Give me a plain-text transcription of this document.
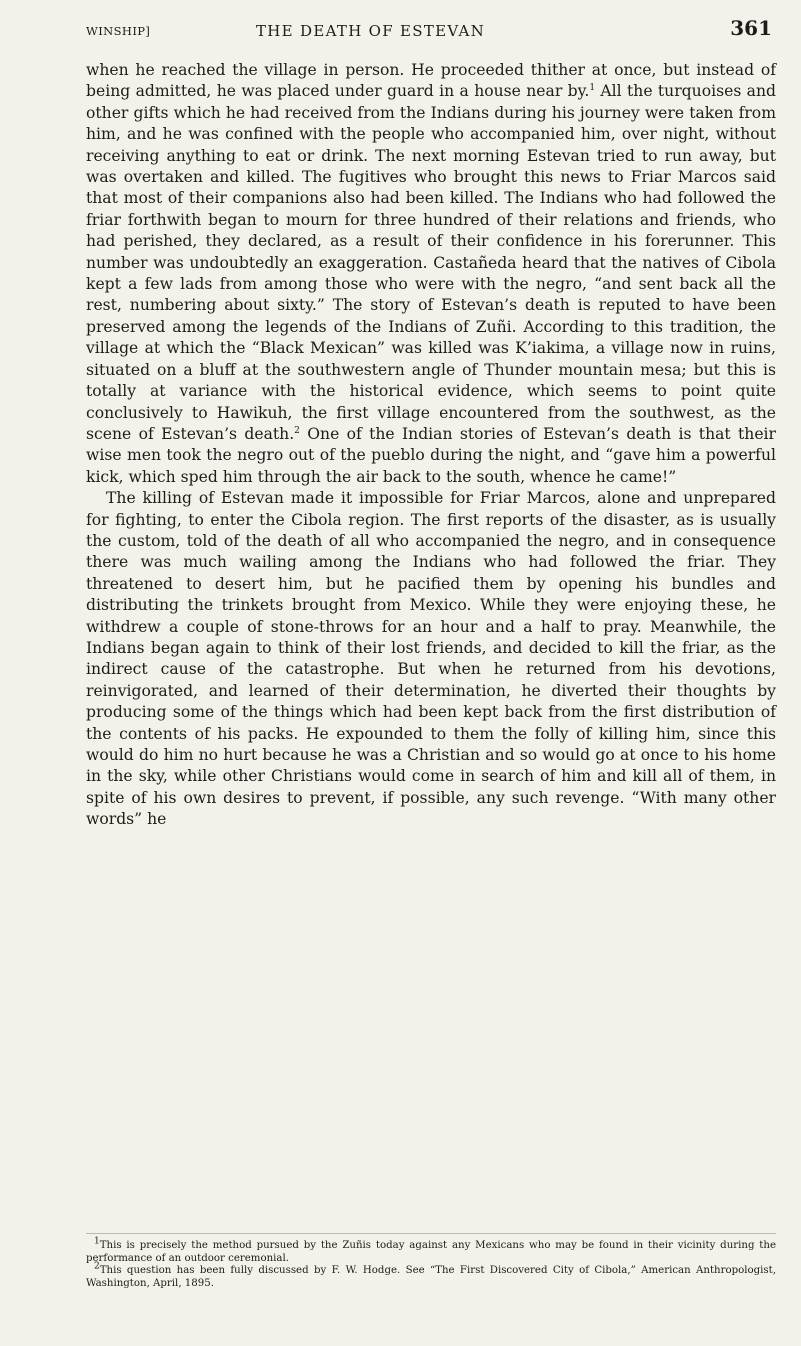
WINSHIP]	THE DEATH OF ESTEVAN	361

when he reached the village in person. He proceeded thither at once, but instead of being admitted, he was placed under guard in a house near by.$^1$ All the turquoises and other gifts which he had received from the Indians during his journey were taken from him, and he was confined with the people who accompanied him, over night, without receiving anything to eat or drink. The next morning Estevan tried to run away, but was overtaken and killed. The fugitives who brought this news to Friar Marcos said that most of their companions also had been killed. The Indians who had followed the friar forthwith began to mourn for three hundred of their relations and friends, who had perished, they declared, as a result of their confidence in his forerunner. This number was undoubtedly an exaggeration. Castañeda heard that the natives of Cibola kept a few lads from among those who were with the negro, “and sent back all the rest, numbering about sixty.” The story of Estevan’s death is reputed to have been preserved among the legends of the Indians of Zuñi. According to this tradition, the village at which the “Black Mexican” was killed was K’iakima, a village now in ruins, situated on a bluff at the southwestern angle of Thunder mountain mesa; but this is totally at variance with the historical evidence, which seems to point quite conclusively to Hawikuh, the first village encountered from the southwest, as the scene of Estevan’s death.$^2$ One of the Indian stories of Estevan’s death is that their wise men took the negro out of the pueblo during the night, and “gave him a powerful kick, which sped him through the air back to the south, whence he came!”

The killing of Estevan made it impossible for Friar Marcos, alone and unprepared for fighting, to enter the Cibola region. The first reports of the disaster, as is usually the custom, told of the death of all who accompanied the negro, and in consequence there was much wailing among the Indians who had followed the friar. They threatened to desert him, but he pacified them by opening his bundles and distributing the trinkets brought from Mexico. While they were enjoying these, he withdrew a couple of stone-throws for an hour and a half to pray. Meanwhile, the Indians began again to think of their lost friends, and decided to kill the friar, as the indirect cause of the catastrophe. But when he returned from his devotions, reinvigorated, and learned of their determination, he diverted their thoughts by producing some of the things which had been kept back from the first distribution of the contents of his packs. He expounded to them the folly of killing him, since this would do him no hurt because he was a Christian and so would go at once to his home in the sky, while other Christians would come in search of him and kill all of them, in spite of his own desires to prevent, if possible, any such revenge. “With many other words” he

$^1$This is precisely the method pursued by the Zuñis today against any Mexicans who may be found in their vicinity during the performance of an outdoor ceremonial.

$^2$This question has been fully discussed by F. W. Hodge. See “The First Discovered City of Cibola,” American Anthropologist, Washington, April, 1895.
